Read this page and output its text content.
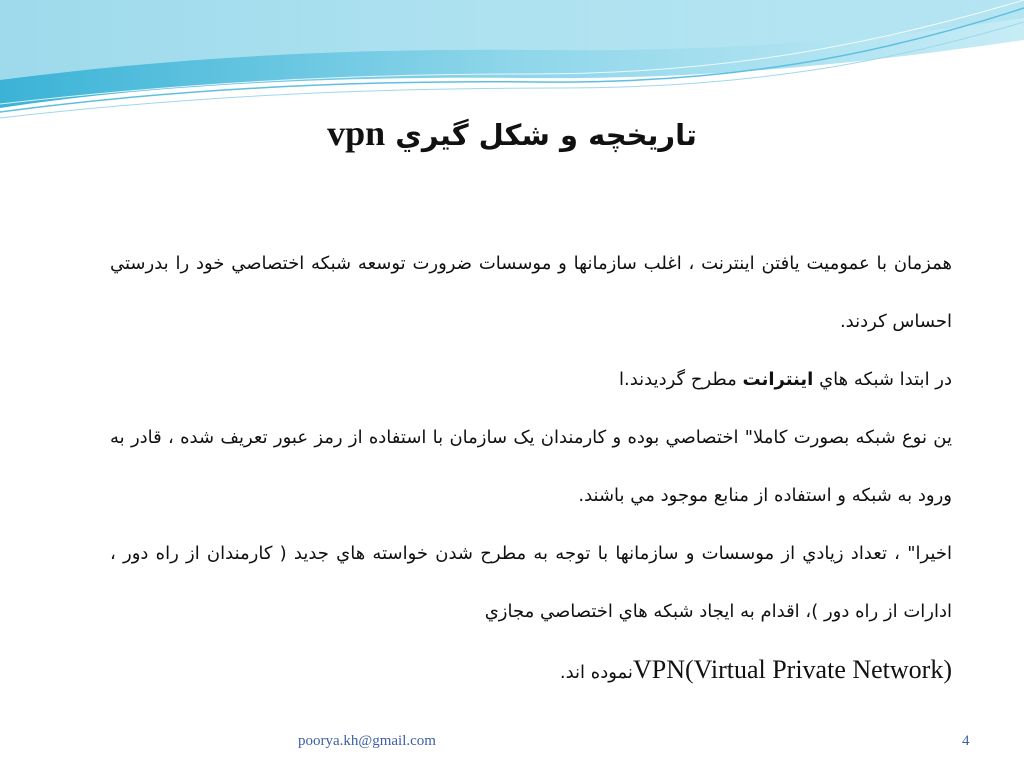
تاريخچه و شكل گيري vpn

همزمان با عموميت يافتن اينترنت ، اغلب سازمانها و موسسات ضرورت توسعه شبکه اختصاصي خود را بدرستي احساس كردند.

در ابتدا شبکه هاي اينترانت مطرح گرديدند.ا

ين نوع شبكه بصورت كاملا" اختصاصي بوده و كارمندان يک سازمان با استفاده از رمز عبور تعريف شده ، قادر به ورود به شبکه و استفاده از منابع موجود مي باشند.

اخيرا" ، تعداد زيادي از موسسات و سازمانها با توجه به مطرح شدن خواسته هاي جديد ( كارمندان از راه دور ، ادارات از راه دور )، اقدام به ايجاد شبکه هاي اختصاصي مجازي

VPN(Virtual Private Network)نموده اند.

poorya.kh@gmail.com	4
